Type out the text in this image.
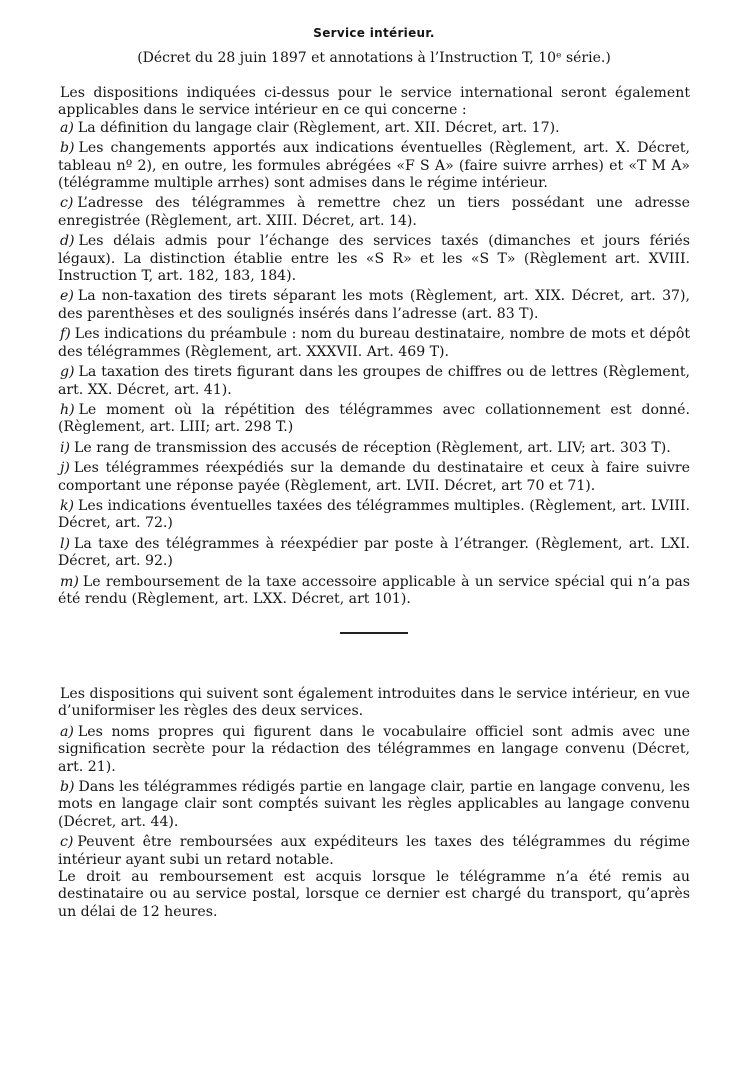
Service intérieur.
(Décret du 28 juin 1897 et annotations à l’Instruction T, 10ᵉ série.)

Les dispositions indiquées ci-dessus pour le service international seront également applicables dans le service intérieur en ce qui concerne :

a) La définition du langage clair (Règlement, art. XII. Décret, art. 17).

b) Les changements apportés aux indications éventuelles (Règlement, art. X. Décret, tableau nº 2), en outre, les formules abrégées «F S A» (faire suivre arrhes) et «T M A» (télégramme multiple arrhes) sont admises dans le régime intérieur.

c) L’adresse des télégrammes à remettre chez un tiers possédant une adresse enregistrée (Règlement, art. XIII. Décret, art. 14).

d) Les délais admis pour l’échange des services taxés (dimanches et jours fériés légaux). La distinction établie entre les «S R» et les «S T» (Règlement art. XVIII. Instruction T, art. 182, 183, 184).

e) La non-taxation des tirets séparant les mots (Règlement, art. XIX. Décret, art. 37), des parenthèses et des soulignés insérés dans l’adresse (art. 83 T).

f) Les indications du préambule : nom du bureau destinataire, nombre de mots et dépôt des télégrammes (Règlement, art. XXXVII. Art. 469 T).

g) La taxation des tirets figurant dans les groupes de chiffres ou de lettres (Règlement, art. XX. Décret, art. 41).

h) Le moment où la répétition des télégrammes avec collationnement est donné. (Règlement, art. LIII; art. 298 T.)

i) Le rang de transmission des accusés de réception (Règlement, art. LIV; art. 303 T).

j) Les télégrammes réexpédiés sur la demande du destinataire et ceux à faire suivre comportant une réponse payée (Règlement, art. LVII. Décret, art 70 et 71).

k) Les indications éventuelles taxées des télégrammes multiples. (Règlement, art. LVIII. Décret, art. 72.)

l) La taxe des télégrammes à réexpédier par poste à l’étranger. (Règlement, art. LXI. Décret, art. 92.)

m) Le remboursement de la taxe accessoire applicable à un service spécial qui n’a pas été rendu (Règlement, art. LXX. Décret, art 101).

Les dispositions qui suivent sont également introduites dans le service intérieur, en vue d’uniformiser les règles des deux services.

a) Les noms propres qui figurent dans le vocabulaire officiel sont admis avec une signification secrète pour la rédaction des télégrammes en langage convenu (Décret, art. 21).

b) Dans les télégrammes rédigés partie en langage clair, partie en langage convenu, les mots en langage clair sont comptés suivant les règles applicables au langage convenu (Décret, art. 44).

c) Peuvent être remboursées aux expéditeurs les taxes des télégrammes du régime intérieur ayant subi un retard notable.

Le droit au remboursement est acquis lorsque le télégramme n’a été remis au destinataire ou au service postal, lorsque ce dernier est chargé du transport, qu’après un délai de 12 heures.
